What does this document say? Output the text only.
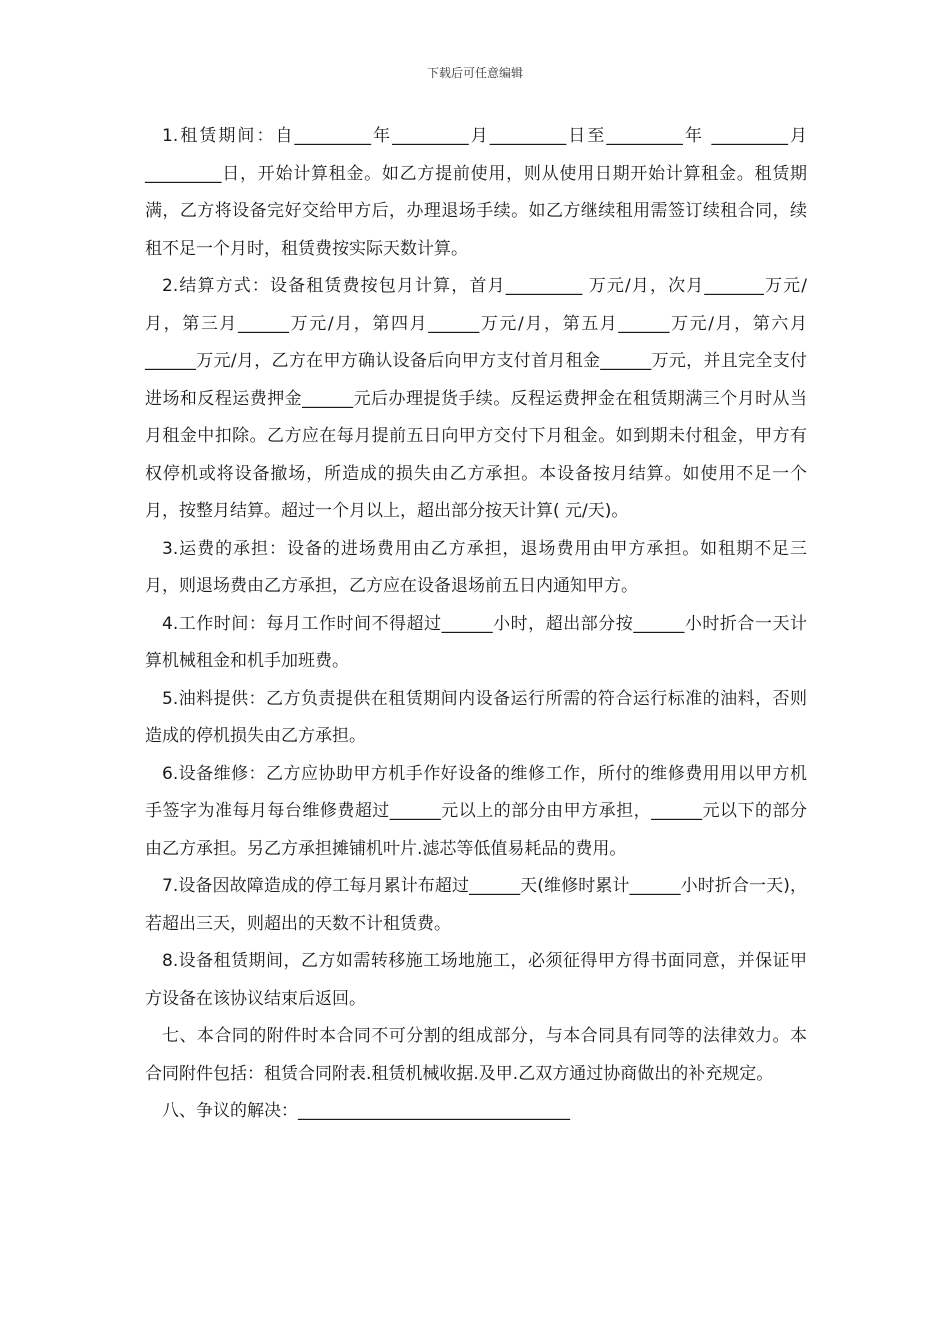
下载后可任意编辑

1.租赁期间：自_________年_________月_________日至_________年 _________月_________日，开始计算租金。如乙方提前使用，则从使用日期开始计算租金。租赁期满，乙方将设备完好交给甲方后，办理退场手续。如乙方继续租用需签订续租合同，续租不足一个月时，租赁费按实际天数计算。

2.结算方式：设备租赁费按包月计算，首月_________ 万元/月，次月_______万元/月，第三月______万元/月，第四月______万元/月，第五月______万元/月，第六月______万元/月，乙方在甲方确认设备后向甲方支付首月租金______万元，并且完全支付进场和反程运费押金______元后办理提货手续。反程运费押金在租赁期满三个月时从当月租金中扣除。乙方应在每月提前五日向甲方交付下月租金。如到期未付租金，甲方有权停机或将设备撤场，所造成的损失由乙方承担。本设备按月结算。如使用不足一个月，按整月结算。超过一个月以上，超出部分按天计算( 元/天)。

3.运费的承担：设备的进场费用由乙方承担，退场费用由甲方承担。如租期不足三月，则退场费由乙方承担，乙方应在设备退场前五日内通知甲方。

4.工作时间：每月工作时间不得超过______小时，超出部分按______小时折合一天计算机械租金和机手加班费。

5.油料提供：乙方负责提供在租赁期间内设备运行所需的符合运行标准的油料，否则造成的停机损失由乙方承担。

6.设备维修：乙方应协助甲方机手作好设备的维修工作，所付的维修费用用以甲方机手签字为准每月每台维修费超过______元以上的部分由甲方承担，______元以下的部分由乙方承担。另乙方承担摊铺机叶片.滤芯等低值易耗品的费用。

7.设备因故障造成的停工每月累计布超过______天(维修时累计______小时折合一天)，若超出三天，则超出的天数不计租赁费。

8.设备租赁期间，乙方如需转移施工场地施工，必须征得甲方得书面同意，并保证甲方设备在该协议结束后返回。

七、本合同的附件时本合同不可分割的组成部分，与本合同具有同等的法律效力。本合同附件包括：租赁合同附表.租赁机械收据.及甲.乙双方通过协商做出的补充规定。

八、争议的解决：________________________________
